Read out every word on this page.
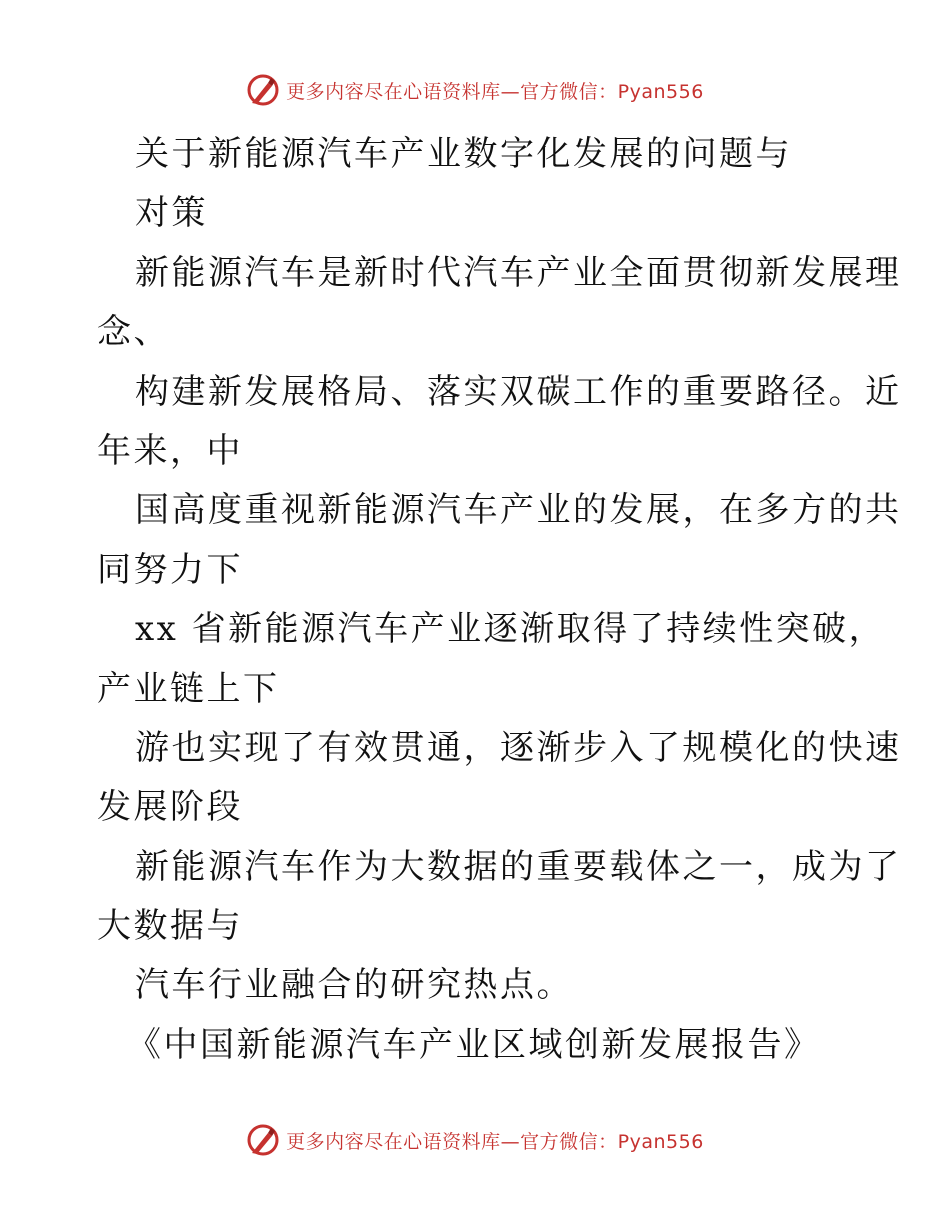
更多内容尽在心语资料库—官方微信：Pyan556
关于新能源汽车产业数字化发展的问题与
对策
新能源汽车是新时代汽车产业全面贯彻新发展理
念、
构建新发展格局、落实双碳工作的重要路径。近
年来，中
国高度重视新能源汽车产业的发展，在多方的共
同努力下
xx 省新能源汽车产业逐渐取得了持续性突破，
产业链上下
游也实现了有效贯通，逐渐步入了规模化的快速
发展阶段
新能源汽车作为大数据的重要载体之一，成为了
大数据与
汽车行业融合的研究热点。
《中国新能源汽车产业区域创新发展报告》
更多内容尽在心语资料库—官方微信：Pyan556
